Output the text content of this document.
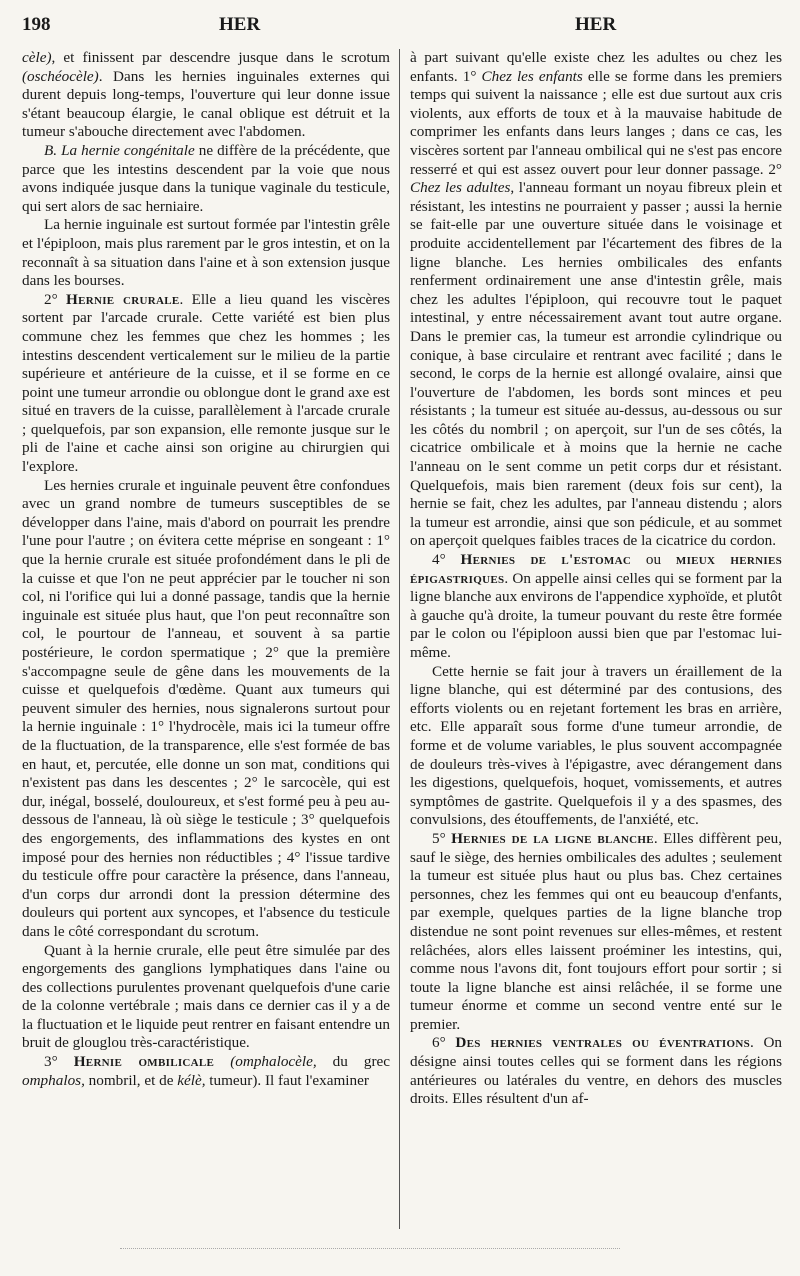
198	HER	HER

cèle), et finissent par descendre jusque dans le scrotum (oschéocèle). Dans les hernies inguinales externes qui durent depuis long-temps, l'ouverture qui leur donne issue s'étant beaucoup élargie, le canal oblique est détruit et la tumeur s'abouche directement avec l'abdomen.

B. La hernie congénitale ne diffère de la précédente, que parce que les intestins descendent par la voie que nous avons indiquée jusque dans la tunique vaginale du testicule, qui sert alors de sac herniaire.

La hernie inguinale est surtout formée par l'intestin grêle et l'épiploon, mais plus rarement par le gros intestin, et on la reconnaît à sa situation dans l'aine et à son extension jusque dans les bourses.

2° Hernie crurale. Elle a lieu quand les viscères sortent par l'arcade crurale. Cette variété est bien plus commune chez les femmes que chez les hommes ; les intestins descendent verticalement sur le milieu de la partie supérieure et antérieure de la cuisse, et il se forme en ce point une tumeur arrondie ou oblongue dont le grand axe est situé en travers de la cuisse, parallèlement à l'arcade crurale ; quelquefois, par son expansion, elle remonte jusque sur le pli de l'aine et cache ainsi son origine au chirurgien qui l'explore.

Les hernies crurale et inguinale peuvent être confondues avec un grand nombre de tumeurs susceptibles de se développer dans l'aine, mais d'abord on pourrait les prendre l'une pour l'autre ; on évitera cette méprise en songeant : 1° que la hernie crurale est située profondément dans le pli de la cuisse et que l'on ne peut apprécier par le toucher ni son col, ni l'orifice qui lui a donné passage, tandis que la hernie inguinale est située plus haut, que l'on peut reconnaître son col, le pourtour de l'anneau, et souvent à sa partie postérieure, le cordon spermatique ; 2° que la première s'accompagne seule de gêne dans les mouvements de la cuisse et quelquefois d'œdème. Quant aux tumeurs qui peuvent simuler des hernies, nous signalerons surtout pour la hernie inguinale : 1° l'hydrocèle, mais ici la tumeur offre de la fluctuation, de la transparence, elle s'est formée de bas en haut, et, percutée, elle donne un son mat, conditions qui n'existent pas dans les descentes ; 2° le sarcocèle, qui est dur, inégal, bosselé, douloureux, et s'est formé peu à peu au-dessous de l'anneau, là où siège le testicule ; 3° quelquefois des engorgements, des inflammations des kystes en ont imposé pour des hernies non réductibles ; 4° l'issue tardive du testicule offre pour caractère la présence, dans l'anneau, d'un corps dur arrondi dont la pression détermine des douleurs qui portent aux syncopes, et l'absence du testicule dans le côté correspondant du scrotum.

Quant à la hernie crurale, elle peut être simulée par des engorgements des ganglions lymphatiques dans l'aine ou des collections purulentes provenant quelquefois d'une carie de la colonne vertébrale ; mais dans ce dernier cas il y a de la fluctuation et le liquide peut rentrer en faisant entendre un bruit de glouglou très-caractéristique.

3° Hernie ombilicale (omphalocèle, du grec omphalos, nombril, et de kélè, tumeur). Il faut l'examiner

à part suivant qu'elle existe chez les adultes ou chez les enfants. 1° Chez les enfants elle se forme dans les premiers temps qui suivent la naissance ; elle est due surtout aux cris violents, aux efforts de toux et à la mauvaise habitude de comprimer les enfants dans leurs langes ; dans ce cas, les viscères sortent par l'anneau ombilical qui ne s'est pas encore resserré et qui est assez ouvert pour leur donner passage. 2° Chez les adultes, l'anneau formant un noyau fibreux plein et résistant, les intestins ne pourraient y passer ; aussi la hernie se fait-elle par une ouverture située dans le voisinage et produite accidentellement par l'écartement des fibres de la ligne blanche. Les hernies ombilicales des enfants renferment ordinairement une anse d'intestin grêle, mais chez les adultes l'épiploon, qui recouvre tout le paquet intestinal, y entre nécessairement avant tout autre organe. Dans le premier cas, la tumeur est arrondie cylindrique ou conique, à base circulaire et rentrant avec facilité ; dans le second, le corps de la hernie est allongé ovalaire, ainsi que l'ouverture de l'abdomen, les bords sont minces et peu résistants ; la tumeur est située au-dessus, au-dessous ou sur les côtés du nombril ; on aperçoit, sur l'un de ses côtés, la cicatrice ombilicale et à moins que la hernie ne cache l'anneau on le sent comme un petit corps dur et résistant. Quelquefois, mais bien rarement (deux fois sur cent), la hernie se fait, chez les adultes, par l'anneau distendu ; alors la tumeur est arrondie, ainsi que son pédicule, et au sommet on aperçoit quelques faibles traces de la cicatrice du cordon.

4° Hernies de l'estomac ou mieux hernies épigastriques. On appelle ainsi celles qui se forment par la ligne blanche aux environs de l'appendice xyphoïde, et plutôt à gauche qu'à droite, la tumeur pouvant du reste être formée par le colon ou l'épiploon aussi bien que par l'estomac lui-même.

Cette hernie se fait jour à travers un éraillement de la ligne blanche, qui est déterminé par des contusions, des efforts violents ou en rejetant fortement les bras en arrière, etc. Elle apparaît sous forme d'une tumeur arrondie, de forme et de volume variables, le plus souvent accompagnée de douleurs très-vives à l'épigastre, avec dérangement dans les digestions, quelquefois, hoquet, vomissements, et autres symptômes de gastrite. Quelquefois il y a des spasmes, des convulsions, des étouffements, de l'anxiété, etc.

5° Hernies de la ligne blanche. Elles diffèrent peu, sauf le siège, des hernies ombilicales des adultes ; seulement la tumeur est située plus haut ou plus bas. Chez certaines personnes, chez les femmes qui ont eu beaucoup d'enfants, par exemple, quelques parties de la ligne blanche trop distendue ne sont point revenues sur elles-mêmes, et restent relâchées, alors elles laissent proéminer les intestins, qui, comme nous l'avons dit, font toujours effort pour sortir ; si toute la ligne blanche est ainsi relâchée, il se forme une tumeur énorme et comme un second ventre enté sur le premier.

6° Des hernies ventrales ou éventrations. On désigne ainsi toutes celles qui se forment dans les régions antérieures ou latérales du ventre, en dehors des muscles droits. Elles résultent d'un af-
